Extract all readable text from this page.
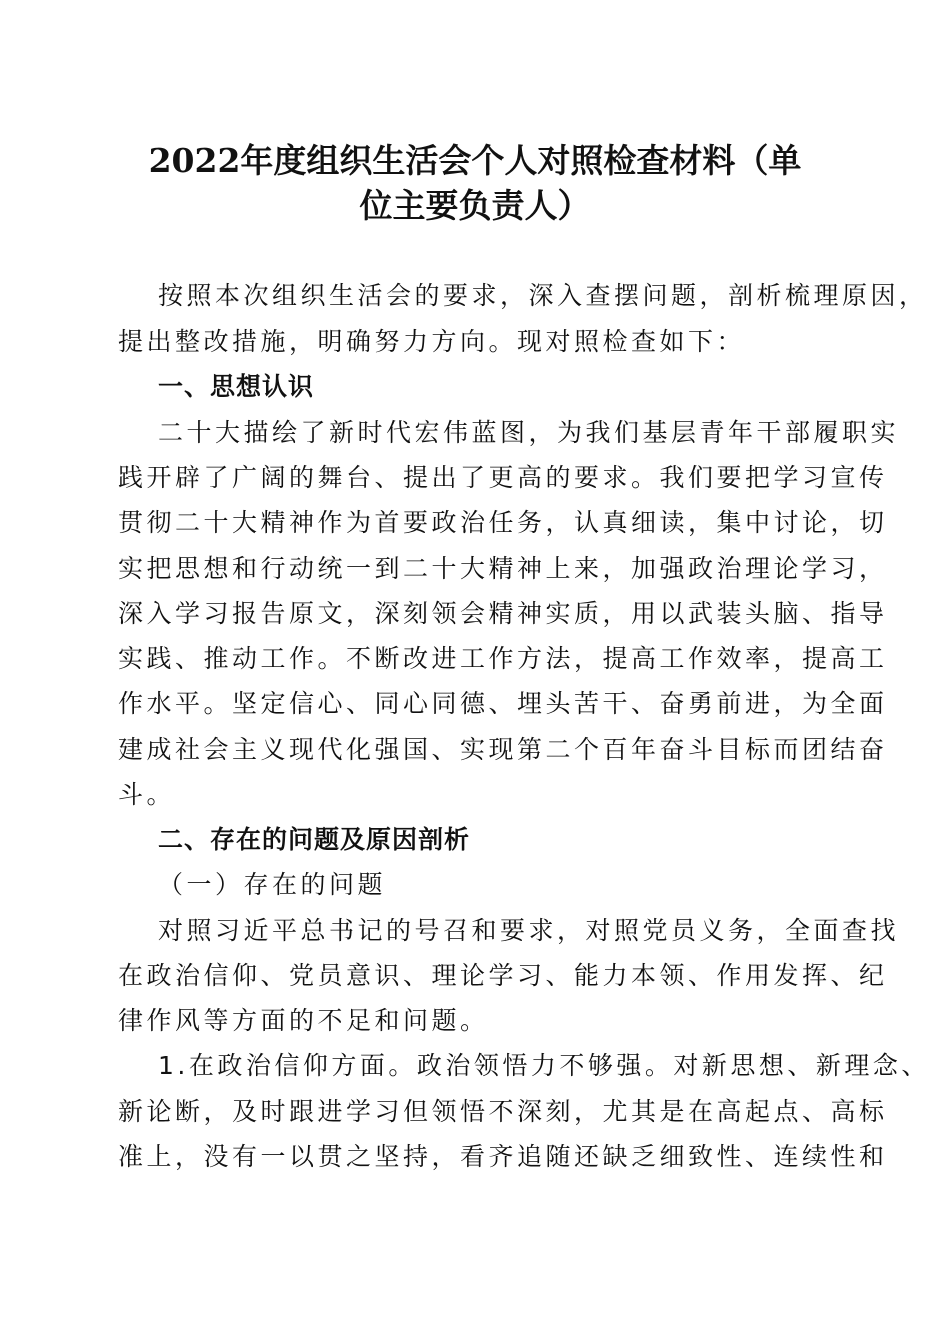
2022年度组织生活会个人对照检查材料（单
位主要负责人）

按照本次组织生活会的要求，深入查摆问题，剖析梳理原因，

提出整改措施，明确努力方向。现对照检查如下：

一、思想认识

二十大描绘了新时代宏伟蓝图，为我们基层青年干部履职实

践开辟了广阔的舞台、提出了更高的要求。我们要把学习宣传

贯彻二十大精神作为首要政治任务，认真细读，集中讨论，切

实把思想和行动统一到二十大精神上来，加强政治理论学习，

深入学习报告原文，深刻领会精神实质，用以武装头脑、指导

实践、推动工作。不断改进工作方法，提高工作效率，提高工

作水平。坚定信心、同心同德、埋头苦干、奋勇前进，为全面

建成社会主义现代化强国、实现第二个百年奋斗目标而团结奋

斗。

二、存在的问题及原因剖析

（一）存在的问题

对照习近平总书记的号召和要求，对照党员义务，全面查找

在政治信仰、党员意识、理论学习、能力本领、作用发挥、纪

律作风等方面的不足和问题。

1.在政治信仰方面。政治领悟力不够强。对新思想、新理念、

新论断，及时跟进学习但领悟不深刻，尤其是在高起点、高标

准上，没有一以贯之坚持，看齐追随还缺乏细致性、连续性和
